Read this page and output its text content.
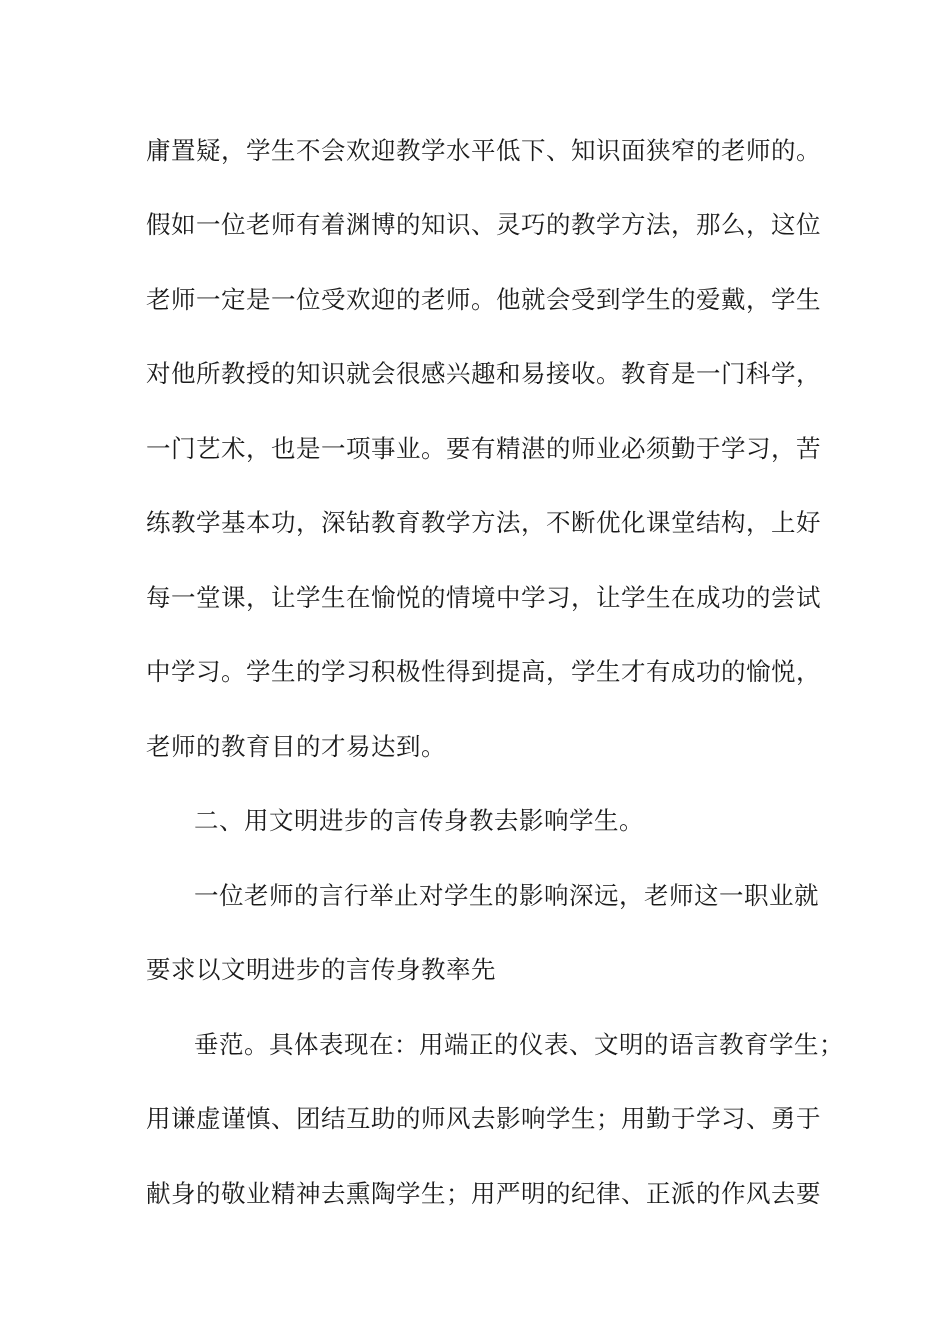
庸置疑，学生不会欢迎教学水平低下、知识面狭窄的老师的。
假如一位老师有着渊博的知识、灵巧的教学方法，那么，这位
老师一定是一位受欢迎的老师。他就会受到学生的爱戴，学生
对他所教授的知识就会很感兴趣和易接收。教育是一门科学，
一门艺术，也是一项事业。要有精湛的师业必须勤于学习，苦
练教学基本功，深钻教育教学方法，不断优化课堂结构，上好
每一堂课，让学生在愉悦的情境中学习，让学生在成功的尝试
中学习。学生的学习积极性得到提高，学生才有成功的愉悦，
老师的教育目的才易达到。
二、用文明进步的言传身教去影响学生。
一位老师的言行举止对学生的影响深远，老师这一职业就
要求以文明进步的言传身教率先
垂范。具体表现在：用端正的仪表、文明的语言教育学生；
用谦虚谨慎、团结互助的师风去影响学生；用勤于学习、勇于
献身的敬业精神去熏陶学生；用严明的纪律、正派的作风去要
